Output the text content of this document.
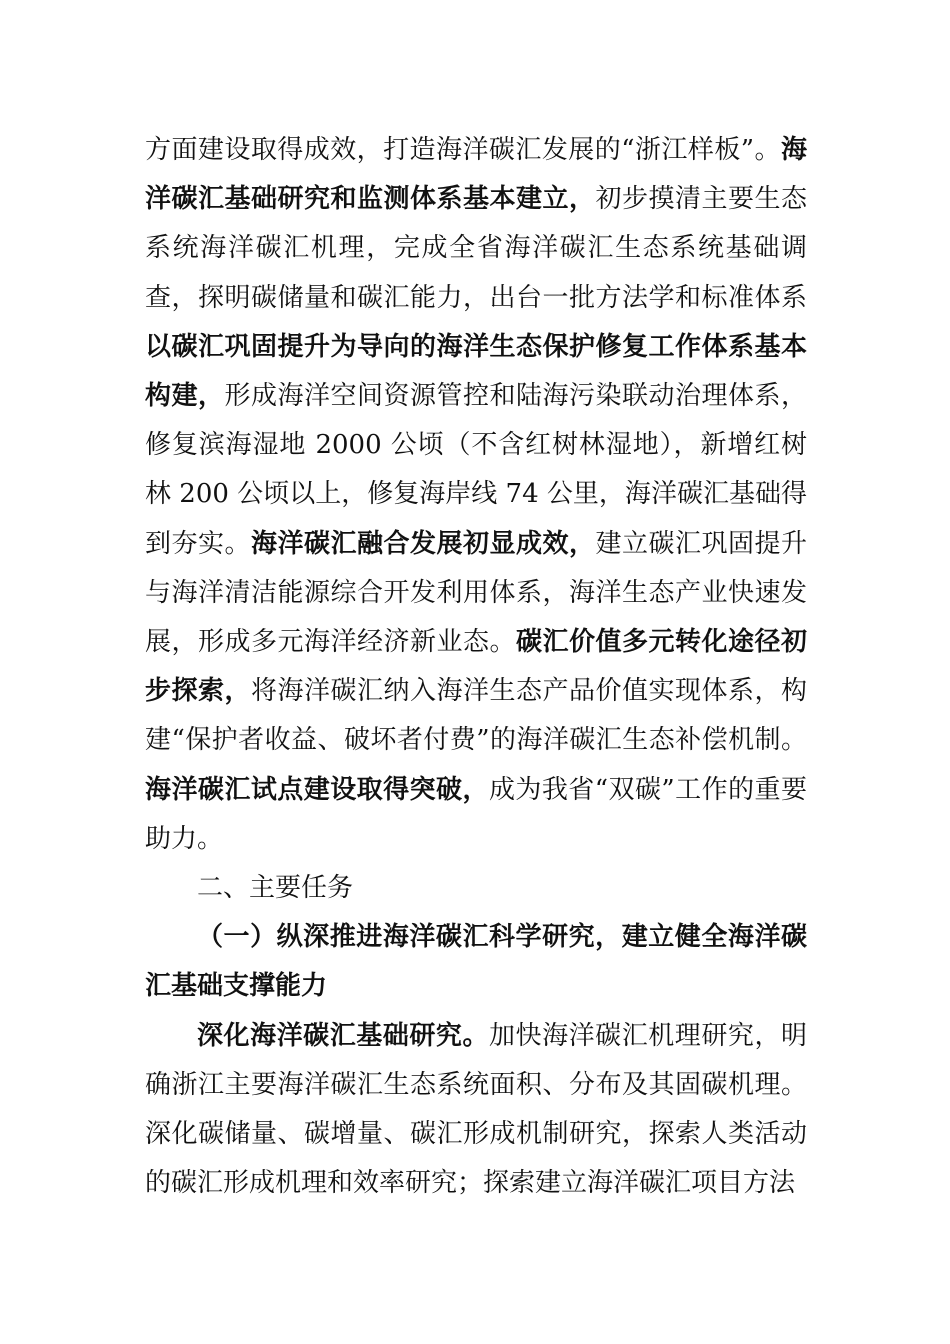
方面建设取得成效，打造海洋碳汇发展的“浙江样板”。海洋碳汇基础研究和监测体系基本建立，初步摸清主要生态系统海洋碳汇机理，完成全省海洋碳汇生态系统基础调查，探明碳储量和碳汇能力，出台一批方法学和标准体系以碳汇巩固提升为导向的海洋生态保护修复工作体系基本构建，形成海洋空间资源管控和陆海污染联动治理体系，修复滨海湿地 2000 公顷（不含红树林湿地），新增红树林 200 公顷以上，修复海岸线 74 公里，海洋碳汇基础得到夯实。海洋碳汇融合发展初显成效，建立碳汇巩固提升与海洋清洁能源综合开发利用体系，海洋生态产业快速发展，形成多元海洋经济新业态。碳汇价值多元转化途径初步探索，将海洋碳汇纳入海洋生态产品价值实现体系，构建“保护者收益、破坏者付费”的海洋碳汇生态补偿机制。海洋碳汇试点建设取得突破，成为我省“双碳”工作的重要助力。

二、主要任务

（一）纵深推进海洋碳汇科学研究，建立健全海洋碳汇基础支撑能力

深化海洋碳汇基础研究。加快海洋碳汇机理研究，明确浙江主要海洋碳汇生态系统面积、分布及其固碳机理。深化碳储量、碳增量、碳汇形成机制研究，探索人类活动的碳汇形成机理和效率研究；探索建立海洋碳汇项目方法
